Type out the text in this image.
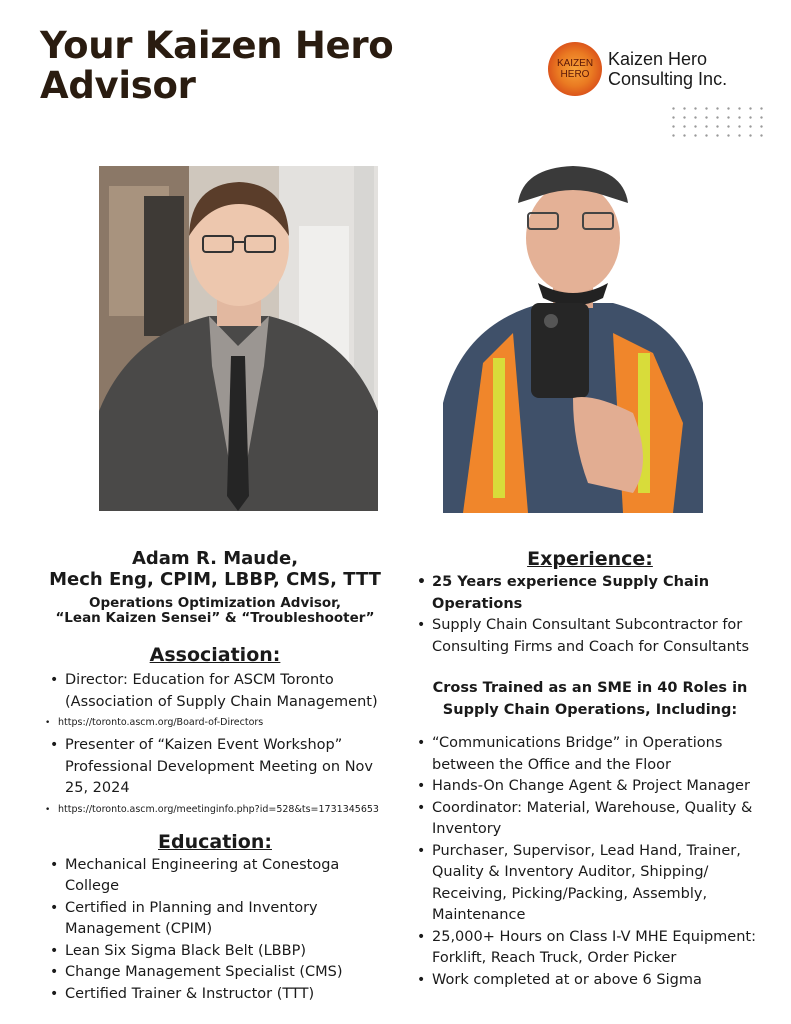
Your Kaizen Hero
Advisor
KAIZEN
HERO
Kaizen Hero
Consulting Inc.
Adam R. Maude,
Mech Eng, CPIM, LBBP, CMS, TTT
Operations Optimization Advisor,
“Lean Kaizen Sensei” & “Troubleshooter”
Association:
• Director: Education for ASCM Toronto (Association of Supply Chain Management)
• https://toronto.ascm.org/Board-of-Directors
• Presenter of “Kaizen Event Workshop” Professional Development Meeting on Nov 25, 2024
• https://toronto.ascm.org/meetinginfo.php?id=528&ts=1731345653
Education:
• Mechanical Engineering at Conestoga College
• Certified in Planning and Inventory Management (CPIM)
• Lean Six Sigma Black Belt (LBBP)
• Change Management Specialist (CMS)
• Certified Trainer & Instructor (TTT)
Experience:
• 25 Years experience Supply Chain Operations
• Supply Chain Consultant Subcontractor for Consulting Firms and Coach for Consultants
Cross Trained as an SME in 40 Roles in
Supply Chain Operations, Including:
• “Communications Bridge” in Operations between the Office and the Floor
• Hands-On Change Agent & Project Manager
• Coordinator: Material, Warehouse, Quality & Inventory
• Purchaser, Supervisor, Lead Hand, Trainer, Quality & Inventory Auditor, Shipping/ Receiving, Picking/Packing, Assembly, Maintenance
• 25,000+ Hours on Class I-V MHE Equipment: Forklift, Reach Truck, Order Picker
• Work completed at or above 6 Sigma
